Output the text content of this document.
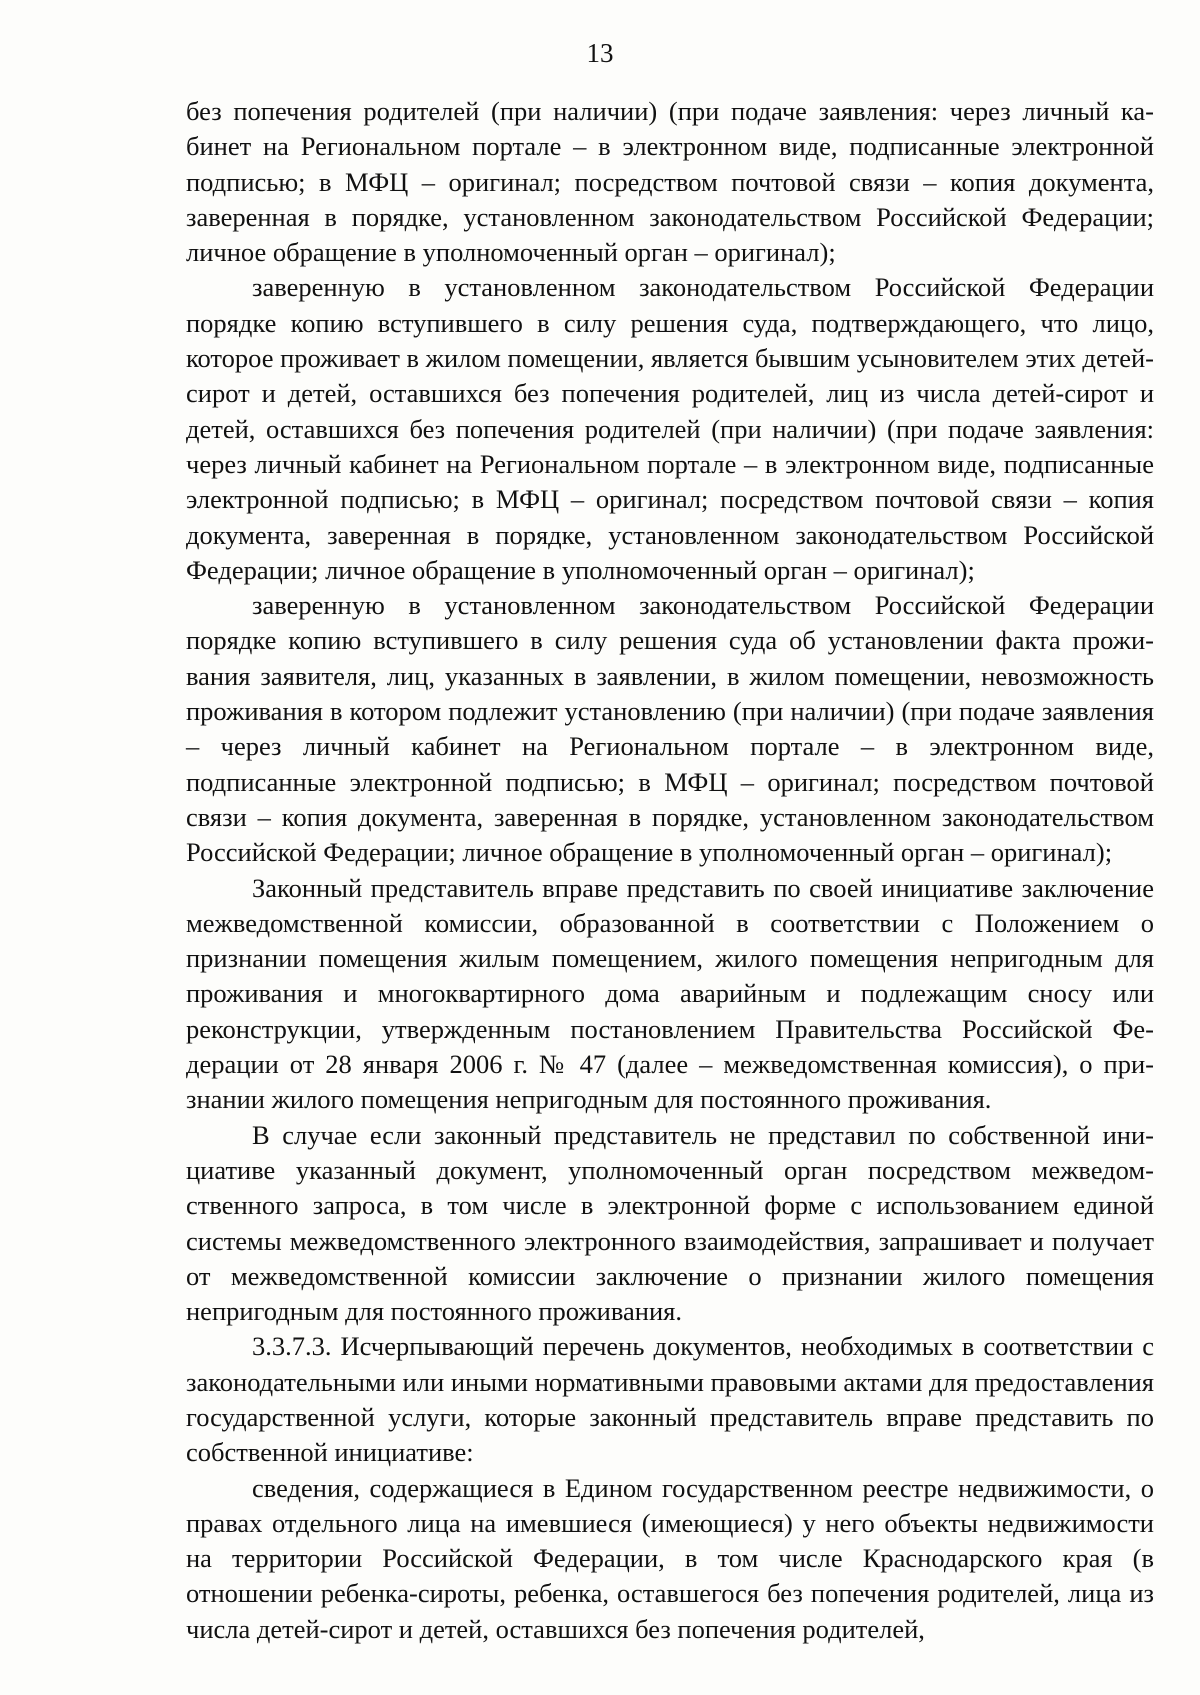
13

без попечения родителей (при наличии) (при подаче заявления: через личный кабинет на Региональном портале – в электронном виде, подписанные электронной подписью; в МФЦ – оригинал; посредством почтовой связи – копия документа, заверенная в порядке, установленном законодательством Российской Федерации; личное обращение в уполномоченный орган – оригинал);

заверенную в установленном законодательством Российской Федерации порядке копию вступившего в силу решения суда, подтверждающего, что лицо, которое проживает в жилом помещении, является бывшим усыновителем этих детей-сирот и детей, оставшихся без попечения родителей, лиц из числа детей-сирот и детей, оставшихся без попечения родителей (при наличии) (при подаче заявления: через личный кабинет на Региональном портале – в электронном виде, подписанные электронной подписью; в МФЦ – оригинал; посредством почтовой связи – копия документа, заверенная в порядке, установленном законодательством Российской Федерации; личное обращение в уполномоченный орган – оригинал);

заверенную в установленном законодательством Российской Федерации порядке копию вступившего в силу решения суда об установлении факта проживания заявителя, лиц, указанных в заявлении, в жилом помещении, невозможность проживания в котором подлежит установлению (при наличии) (при подаче заявления – через личный кабинет на Региональном портале – в электронном виде, подписанные электронной подписью; в МФЦ – оригинал; посредством почтовой связи – копия документа, заверенная в порядке, установленном законодательством Российской Федерации; личное обращение в уполномоченный орган – оригинал);

Законный представитель вправе представить по своей инициативе заключение межведомственной комиссии, образованной в соответствии с Положением о признании помещения жилым помещением, жилого помещения непригодным для проживания и многоквартирного дома аварийным и подлежащим сносу или реконструкции, утвержденным постановлением Правительства Российской Федерации от 28 января 2006 г. № 47 (далее – межведомственная комиссия), о признании жилого помещения непригодным для постоянного проживания.

В случае если законный представитель не представил по собственной инициативе указанный документ, уполномоченный орган посредством межведомственного запроса, в том числе в электронной форме с использованием единой системы межведомственного электронного взаимодействия, запрашивает и получает от межведомственной комиссии заключение о признании жилого помещения непригодным для постоянного проживания.

3.3.7.3. Исчерпывающий перечень документов, необходимых в соответствии с законодательными или иными нормативными правовыми актами для предоставления государственной услуги, которые законный представитель вправе представить по собственной инициативе:

сведения, содержащиеся в Едином государственном реестре недвижимости, о правах отдельного лица на имевшиеся (имеющиеся) у него объекты недвижимости на территории Российской Федерации, в том числе Краснодарского края (в отношении ребенка-сироты, ребенка, оставшегося без попечения родителей, лица из числа детей-сирот и детей, оставшихся без попечения родителей,
